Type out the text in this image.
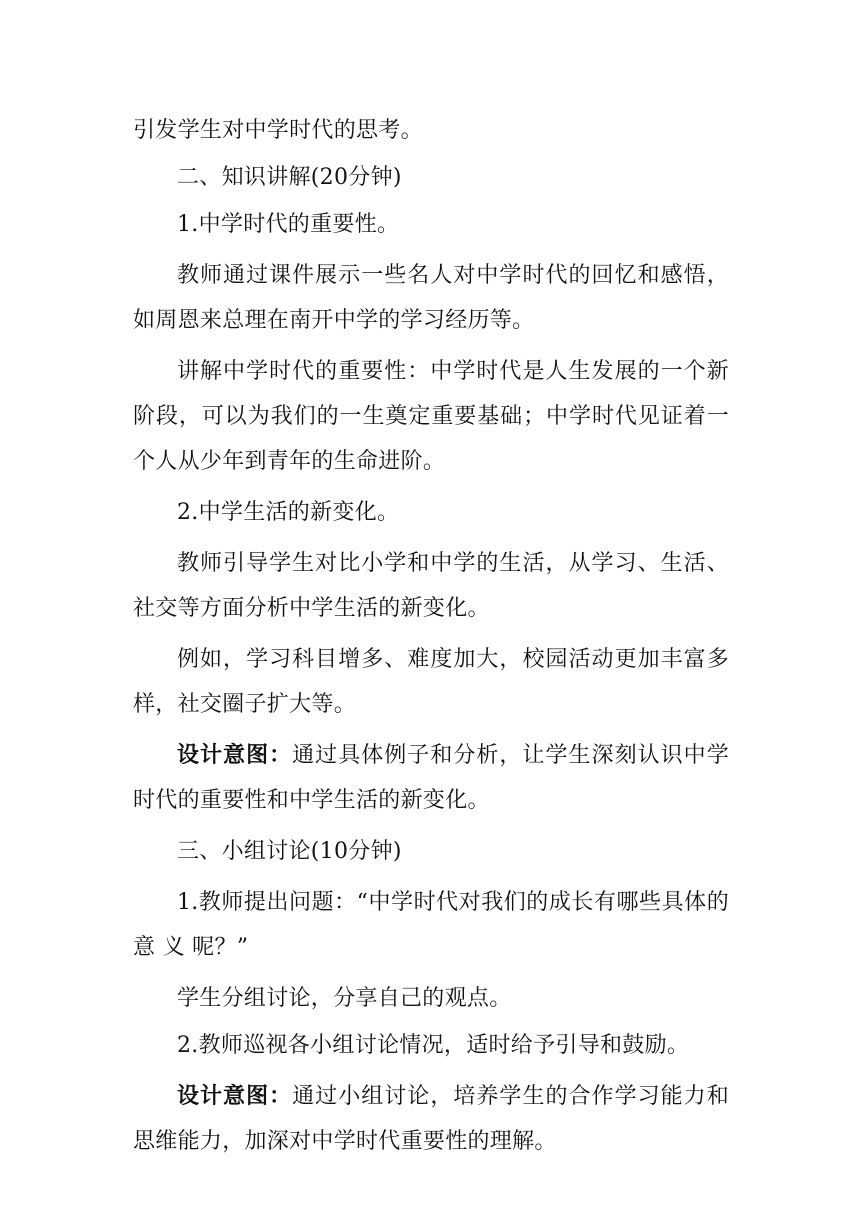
引发学生对中学时代的思考。

二、知识讲解(20分钟)

1.中学时代的重要性。

教师通过课件展示一些名人对中学时代的回忆和感悟，如周恩来总理在南开中学的学习经历等。

讲解中学时代的重要性：中学时代是人生发展的一个新阶段，可以为我们的一生奠定重要基础；中学时代见证着一个人从少年到青年的生命进阶。

2.中学生活的新变化。

教师引导学生对比小学和中学的生活，从学习、生活、社交等方面分析中学生活的新变化。

例如，学习科目增多、难度加大，校园活动更加丰富多样，社交圈子扩大等。

设计意图：通过具体例子和分析，让学生深刻认识中学时代的重要性和中学生活的新变化。

三、小组讨论(10分钟)

1.教师提出问题：“中学时代对我们的成长有哪些具体的 意 义 呢？”

学生分组讨论，分享自己的观点。

2.教师巡视各小组讨论情况，适时给予引导和鼓励。

设计意图：通过小组讨论，培养学生的合作学习能力和思维能力，加深对中学时代重要性的理解。
